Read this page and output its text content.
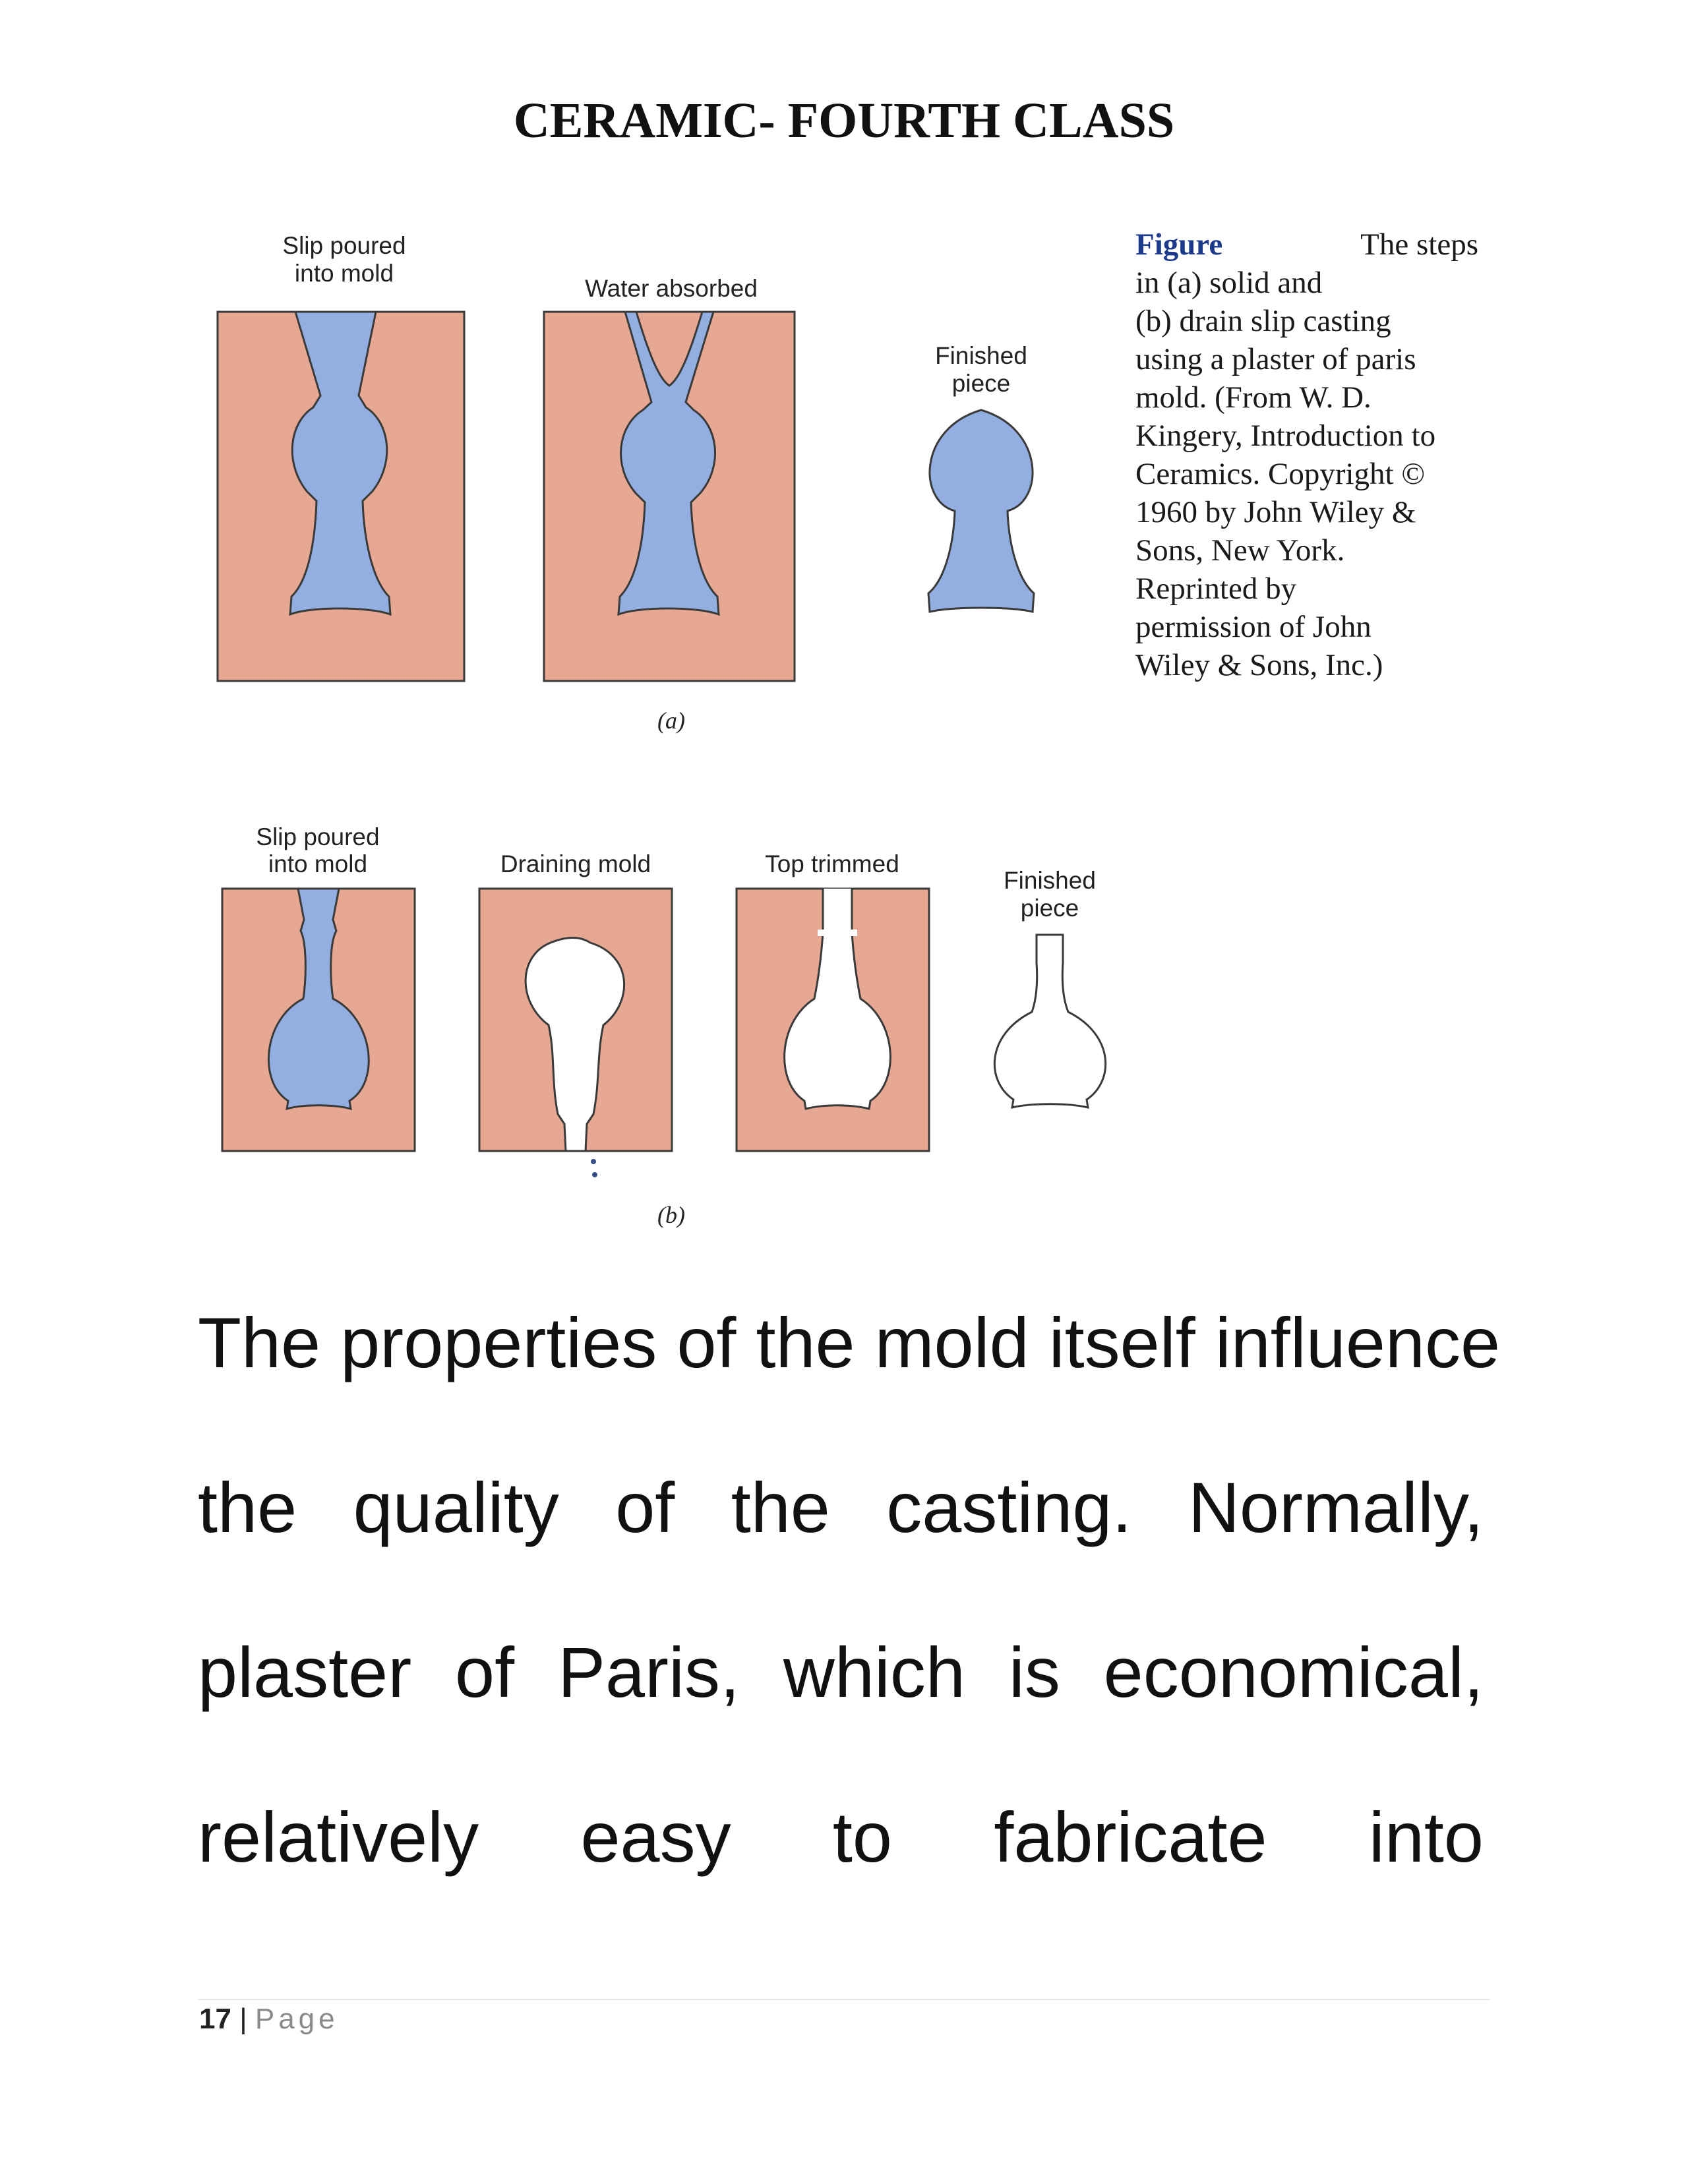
CERAMIC- FOURTH CLASS
Slip poured
into mold
Water absorbed
Finished
piece
(a)
Slip poured
into mold	Draining mold	Top trimmed
Finished
piece
(b)
Figure	The steps
in (a) solid and
(b) drain slip casting
using a plaster of paris
mold. (From W. D.
Kingery, Introduction to
Ceramics. Copyright ©
1960 by John Wiley &
Sons, New York.
Reprinted by
permission of John
Wiley & Sons, Inc.)
The properties of the mold itself influence
the quality of the casting. Normally,
plaster of Paris, which is economical,
relatively easy to fabricate into
17 | Page
